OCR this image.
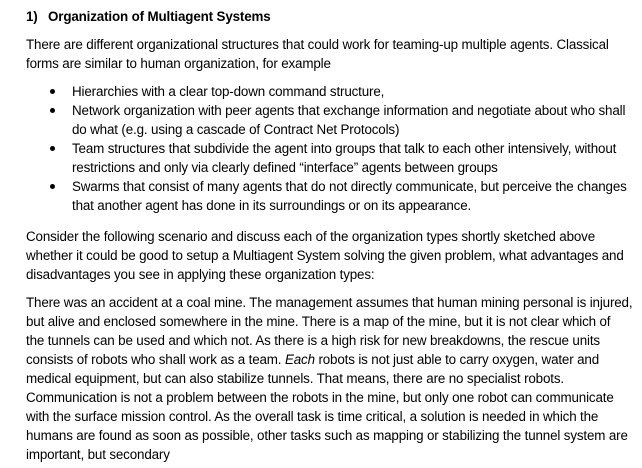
1) Organization of Multiagent Systems
There are different organizational structures that could work for teaming-up multiple agents. Classical
forms are similar to human organization, for example
Hierarchies with a clear top-down command structure,
Network organization with peer agents that exchange information and negotiate about who shall
do what (e.g. using a cascade of Contract Net Protocols)
Team structures that subdivide the agent into groups that talk to each other intensively, without
restrictions and only via clearly defined “interface” agents between groups
Swarms that consist of many agents that do not directly communicate, but perceive the changes
that another agent has done in its surroundings or on its appearance.
Consider the following scenario and discuss each of the organization types shortly sketched above
whether it could be good to setup a Multiagent System solving the given problem, what advantages and
disadvantages you see in applying these organization types:
There was an accident at a coal mine. The management assumes that human mining personal is injured,
but alive and enclosed somewhere in the mine. There is a map of the mine, but it is not clear which of
the tunnels can be used and which not. As there is a high risk for new breakdowns, the rescue units
consists of robots who shall work as a team. Each robots is not just able to carry oxygen, water and
medical equipment, but can also stabilize tunnels. That means, there are no specialist robots.
Communication is not a problem between the robots in the mine, but only one robot can communicate
with the surface mission control. As the overall task is time critical, a solution is needed in which the
humans are found as soon as possible, other tasks such as mapping or stabilizing the tunnel system are
important, but secondary
